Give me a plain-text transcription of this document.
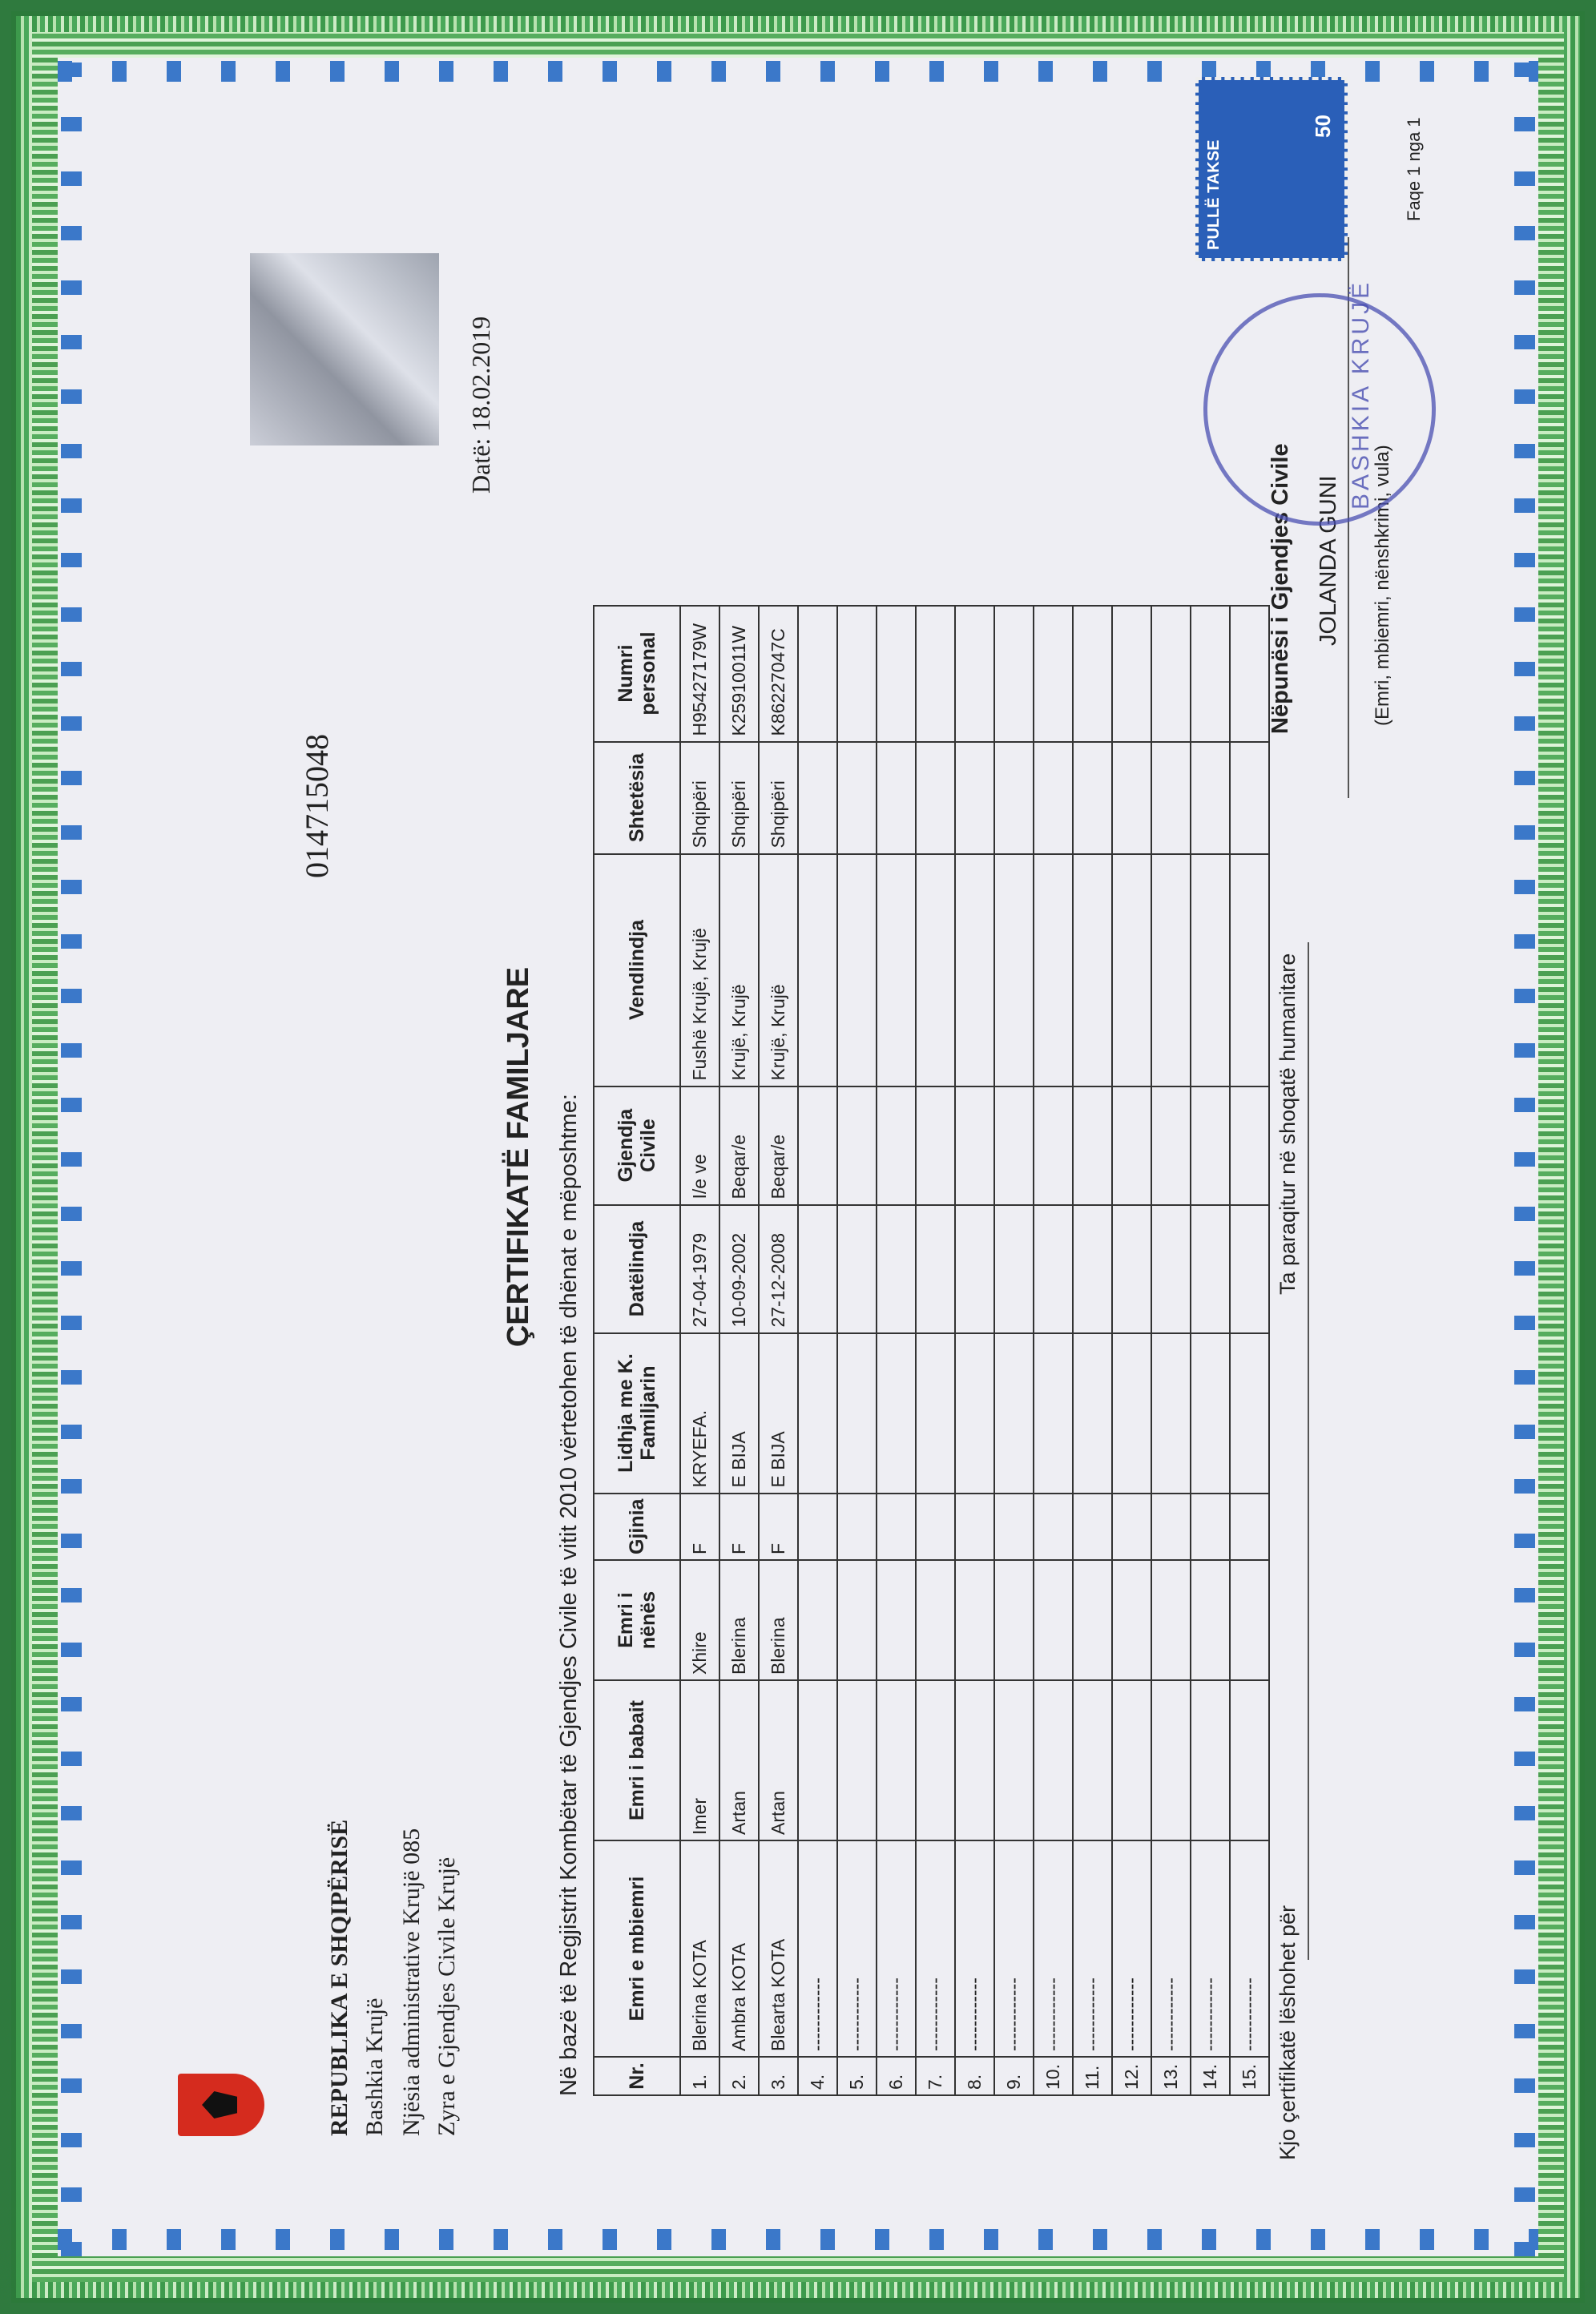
REPUBLIKA E SHQIPËRISË Bashkia Krujë Njësia administrative Krujë 085 Zyra e Gjendjes Civile Krujë
014715048
Datë: 18.02.2019
ÇERTIFIKATË FAMILJARE Në bazë të Regjistrit Kombëtar të Gjendjes Civile të vitit 2010 vërtetohen të dhënat e mëposhtme: Nr.	Emri e mbiemri	Emri i babait	Emri i nënës	Gjinia	Lidhja me K. Familjarin	Datëlindja	Gjendja Civile	Vendlindja	Shtetësia	Numri personal
1.	Blerina KOTA	Imer	Xhire	F	KRYEFA.	27-04-1979	I/e ve	Fushë Krujë, Krujë	Shqipëri	H95427179W
2.	Ambra KOTA	Artan	Blerina	F	E BIJA	10-09-2002	Beqar/e	Krujë, Krujë	Shqipëri	K25910011W
3.	Blearta KOTA	Artan	Blerina	F	E BIJA	27-12-2008	Beqar/e	Krujë, Krujë	Shqipëri	K86227047C
4.	------------									
5.	------------									
6.	------------									
7.	------------									
8.	------------									
9.	------------									
10.	------------									
11.	------------									
12.	------------									
13.	------------									
14.	------------									
15.	------------									Kjo çertifikatë lëshohet për
Ta paraqitur në shoqatë humanitare
Nëpunësi i Gjendjes Civile JOLANDA GUNI (Emri, mbiemri, nënshkrimi, vula)
Faqe 1 nga 1
BASHKIA KRUJË
PULLË TAKSE
50
